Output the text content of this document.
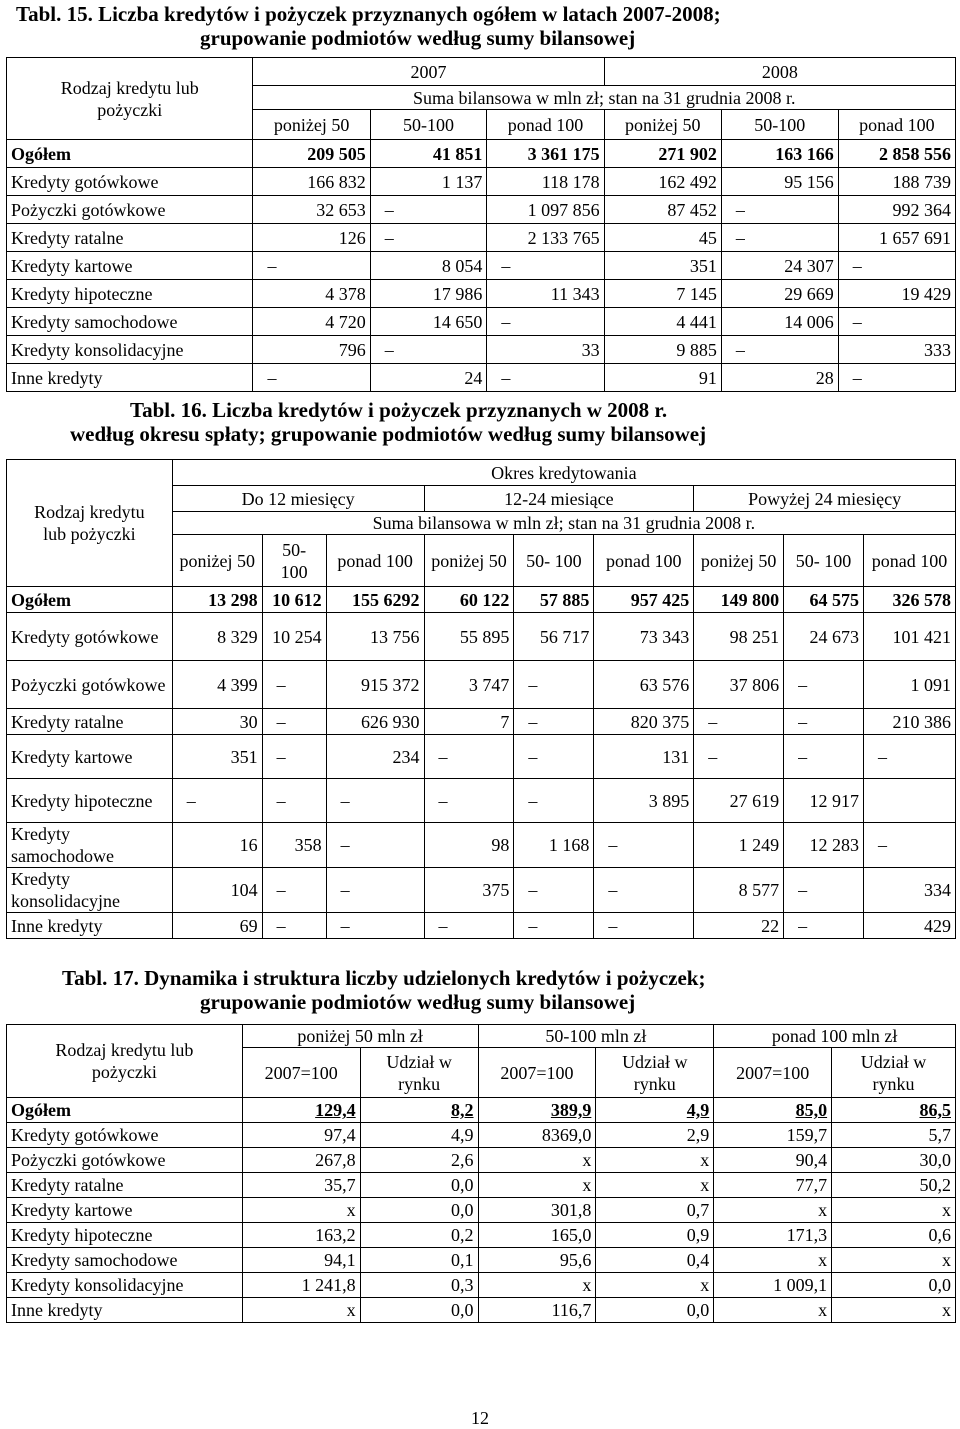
Tabl. 15. Liczba kredytów i pożyczek przyznanych ogółem w latach 2007-2008;
grupowanie podmiotów według sumy bilansowej
Rodzaj kredytu lub pożyczki	2007			2008		
	Suma bilansowa w mln zł; stan na 31 grudnia 2008 r.					
	poniżej 50	50-100	ponad 100	poniżej 50	50-100	ponad 100
Ogółem	209 505	41 851	3 361 175	271 902	163 166	2 858 556
Kredyty gotówkowe	166 832	1 137	118 178	162 492	95 156	188 739
Pożyczki gotówkowe	32 653	–	1 097 856	87 452	–	992 364
Kredyty ratalne	126	–	2 133 765	45	–	1 657 691
Kredyty kartowe	–	8 054	–	351	24 307	–
Kredyty hipoteczne	4 378	17 986	11 343	7 145	29 669	19 429
Kredyty samochodowe	4 720	14 650	–	4 441	14 006	–
Kredyty konsolidacyjne	796	–	33	9 885	–	333
Inne kredyty	–	24	–	91	28	–
Tabl. 16. Liczba kredytów i pożyczek przyznanych w 2008 r.
według okresu spłaty; grupowanie podmiotów według sumy bilansowej
Rodzaj kredytu lub pożyczki	Okres kredytowania								
	Do 12 miesięcy			12-24 miesiące			Powyżej 24 miesięcy		
	Suma bilansowa w mln zł; stan na 31 grudnia 2008 r.								
	poniżej 50	50- 100	ponad 100	poniżej 50	50- 100	ponad 100	poniżej 50	50- 100	ponad 100
Ogółem	13 298	10 612	155 6292	60 122	57 885	957 425	149 800	64 575	326 578
Kredyty gotówkowe	8 329	10 254	13 756	55 895	56 717	73 343	98 251	24 673	101 421
Pożyczki gotówkowe	4 399	–	915 372	3 747	–	63 576	37 806	–	1 091
Kredyty ratalne	30	–	626 930	7	–	820 375	–	–	210 386
Kredyty kartowe	351	–	234	–	–	131	–	–	–
Kredyty hipoteczne	–	–	–	–	–	3 895	27 619	12 917	
Kredyty samochodowe	16	358	–	98	1 168	–	1 249	12 283	–
Kredyty konsolidacyjne	104	–	–	375	–	–	8 577	–	334
Inne kredyty	69	–	–	–	–	–	22	–	429
Tabl. 17. Dynamika i struktura liczby udzielonych kredytów i pożyczek;
grupowanie podmiotów według sumy bilansowej
Rodzaj kredytu lub pożyczki	poniżej 50 mln zł		50-100 mln zł		ponad 100 mln zł	
	2007=100	Udział w rynku	2007=100	Udział w rynku	2007=100	Udział w rynku
Ogółem	129,4	8,2	389,9	4,9	85,0	86,5
Kredyty gotówkowe	97,4	4,9	8369,0	2,9	159,7	5,7
Pożyczki gotówkowe	267,8	2,6	x	x	90,4	30,0
Kredyty ratalne	35,7	0,0	x	x	77,7	50,2
Kredyty kartowe	x	0,0	301,8	0,7	x	x
Kredyty hipoteczne	163,2	0,2	165,0	0,9	171,3	0,6
Kredyty samochodowe	94,1	0,1	95,6	0,4	x	x
Kredyty konsolidacyjne	1 241,8	0,3	x	x	1 009,1	0,0
Inne kredyty	x	0,0	116,7	0,0	x	x
12
